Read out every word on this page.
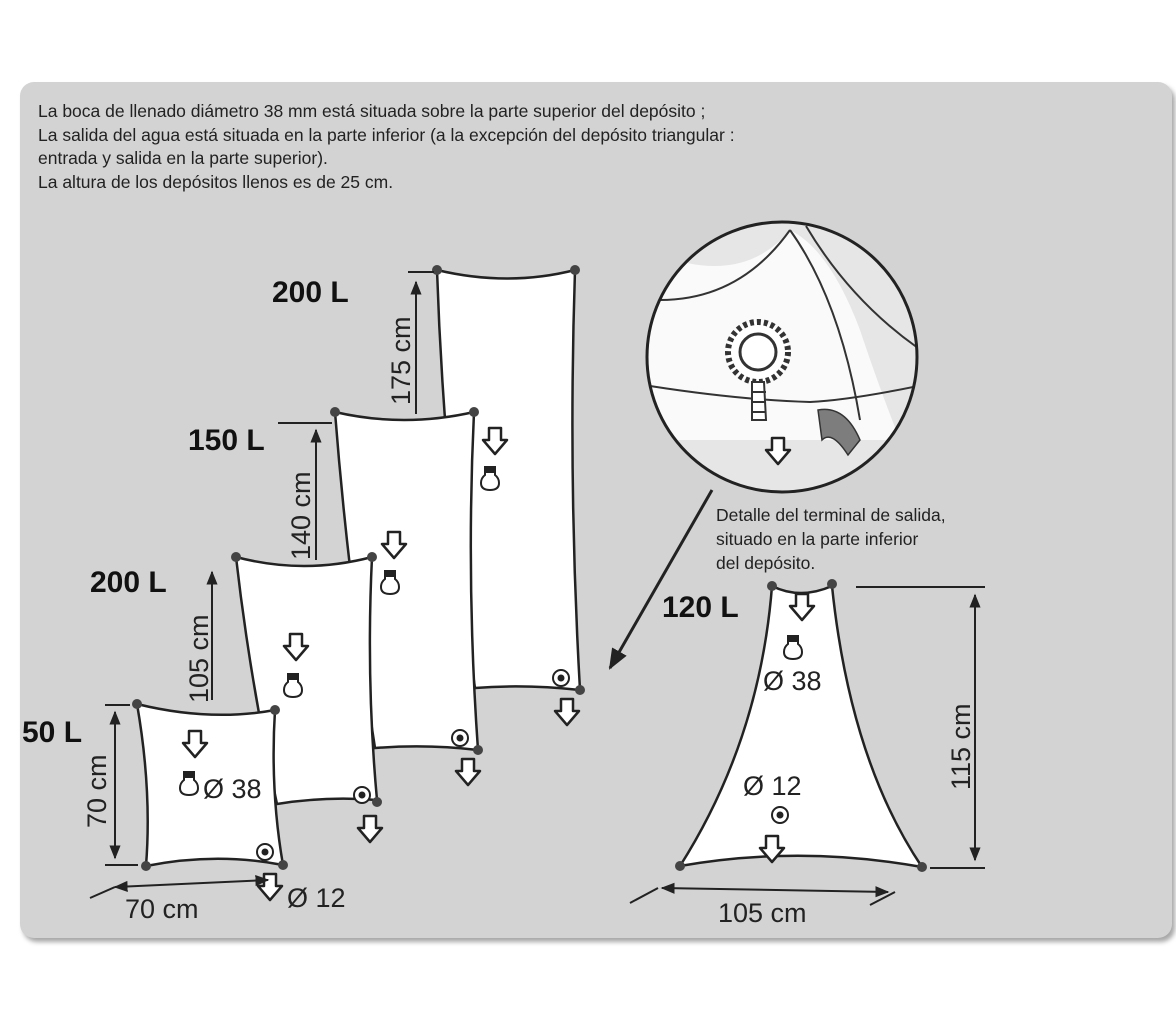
La boca de llenado diámetro 38 mm está situada sobre la parte superior del depósito ;
La salida del agua está situada en la parte inferior (a la excepción del depósito triangular :
entrada y salida en la parte superior).
La altura de los depósitos llenos es de 25 cm.
200 L
175 cm
150 L
140 cm
200 L
105 cm
Ø 38
Ø 12
50 L
70 cm
70 cm
Ø 38
Ø 12
120 L
115 cm
105 cm
Detalle del terminal de salida,
situado en la parte inferior
del depósito.
